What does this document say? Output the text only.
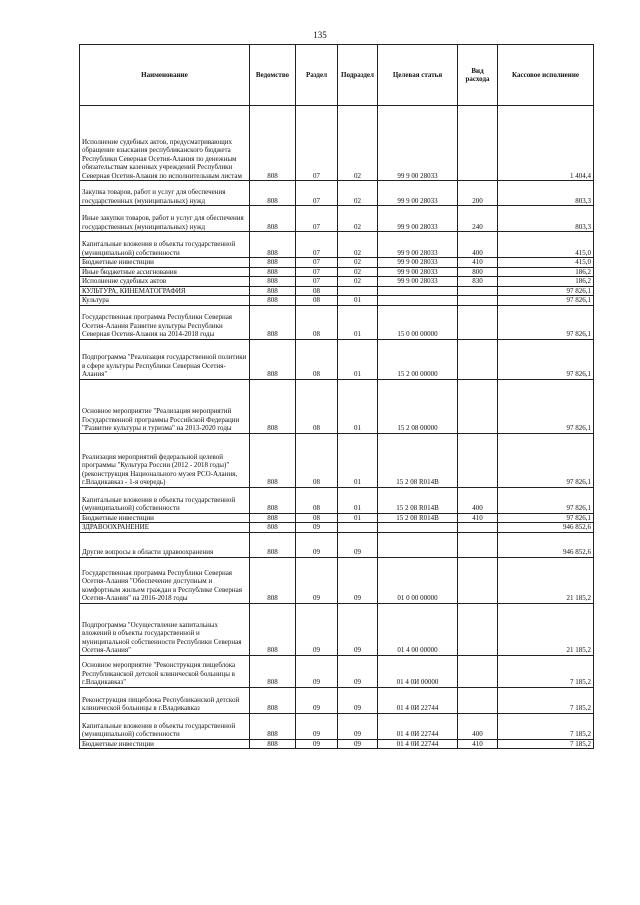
135
Наименование	Ведомство	Раздел	Подраздел	Целевая статья	Вид расхода	Кассовое исполнение
Исполнение судебных актов, предусматривающих обращение взыскания республиканского бюджета Республики Северная Осетия-Алания по денежным обязательствам казенных учреждений Республики Северная Осетия-Алания по исполнительным листам	808	07	02	99 9 00 28033		1 404,4
Закупка товаров, работ и услуг для обеспечения государственных (муниципальных) нужд	808	07	02	99 9 00 28033	200	803,3
Иные закупки товаров, работ и услуг для обеспечения государственных (муниципальных) нужд	808	07	02	99 9 00 28033	240	803,3
Капитальные вложения в объекты государственной (муниципальной) собственности	808	07	02	99 9 00 28033	400	415,0
Бюджетные инвестиции	808	07	02	99 9 00 28033	410	415,0
Иные бюджетные ассигнования	808	07	02	99 9 00 28033	800	186,2
Исполнение судебных актов	808	07	02	99 9 00 28033	830	186,2
КУЛЬТУРА, КИНЕМАТОГРАФИЯ	808	08				97 826,1
Культура	808	08	01			97 826,1
Государственная программа Республики Северная Осетия-Алания Развитие культуры Республики Северная Осетия-Алания на 2014-2018 годы	808	08	01	15 0 00 00000		97 826,1
Подпрограмма "Реализация государственной политики в сфере культуры Республики Северная Осетия-Алания"	808	08	01	15 2 00 00000		97 826,1
Основное мероприятие "Реализация мероприятий Государственной программы Российской Федерации "Развитие культуры и туризма" на 2013-2020 годы	808	08	01	15 2 08 00000		97 826,1
Реализация мероприятий федеральной целевой программы "Культура России (2012 - 2018 годы)" (реконструкция Национального музея РСО-Алания, г.Владикавказ - 1-я очередь)	808	08	01	15 2 08 R014B		97 826,1
Капитальные вложения в объекты государственной (муниципальной) собственности	808	08	01	15 2 08 R014B	400	97 826,1
Бюджетные инвестиции	808	08	01	15 2 08 R014B	410	97 826,1
ЗДРАВООХРАНЕНИЕ	808	09				946 852,6
Другие вопросы в области здравоохранения	808	09	09			946 852,6
Государственная программа Республики Северная Осетия-Алания "Обеспечение доступным и комфортным жильем граждан в Республике Северная Осетия-Алания" на 2016-2018 годы	808	09	09	01 0 00 00000		21 185,2
Подпрограмма "Осуществление капитальных вложений в объекты государственной и муниципальной собственности Республики Северная Осетия-Алания"	808	09	09	01 4 00 00000		21 185,2
Основное мероприятие "Реконструкция пищеблока Республиканской детской клинической больницы в г.Владикавказ"	808	09	09	01 4 0И 00000		7 185,2
Реконструкция пищеблока Республиканской детской клинической больницы в г.Владикавказ	808	09	09	01 4 0И 22744		7 185,2
Капитальные вложения в объекты государственной (муниципальной) собственности	808	09	09	01 4 0И 22744	400	7 185,2
Бюджетные инвестиции	808	09	09	01 4 0И 22744	410	7 185,2
